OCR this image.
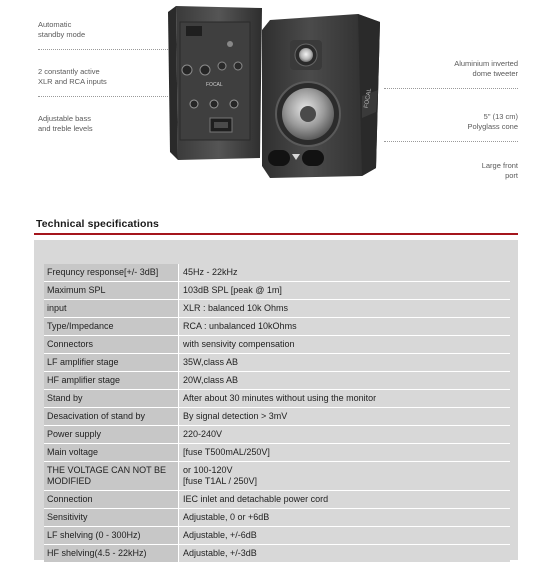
FOCAL
FOCAL
Automatic
standby mode
2 constantly active
XLR and RCA inputs
Adjustable bass
and treble levels
Aluminium inverted
dome tweeter
5" (13 cm)
Polyglass cone
Large front
port
Technical specifications
Frequncy response[+/- 3dB]	45Hz - 22kHz

Maximum SPL	103dB SPL [peak @ 1m]

input	XLR : balanced 10k Ohms

Type/Impedance	RCA : unbalanced 10kOhms

Connectors	with sensivity compensation

LF amplifier stage	35W,class AB

HF amplifier stage	20W,class AB

Stand by	After about 30 minutes without using the monitor

Desacivation of stand by	By signal detection > 3mV

Power supply	220-240V

Main voltage	[fuse T500mAL/250V]

THE VOLTAGE CAN NOT BE
MODIFIED	or 100-120V
[fuse T1AL / 250V]

Connection	IEC inlet and detachable power cord

Sensitivity	Adjustable, 0 or +6dB

LF shelving (0 - 300Hz)	Adjustable, +/-6dB

HF shelving(4.5 - 22kHz)	Adjustable, +/-3dB
